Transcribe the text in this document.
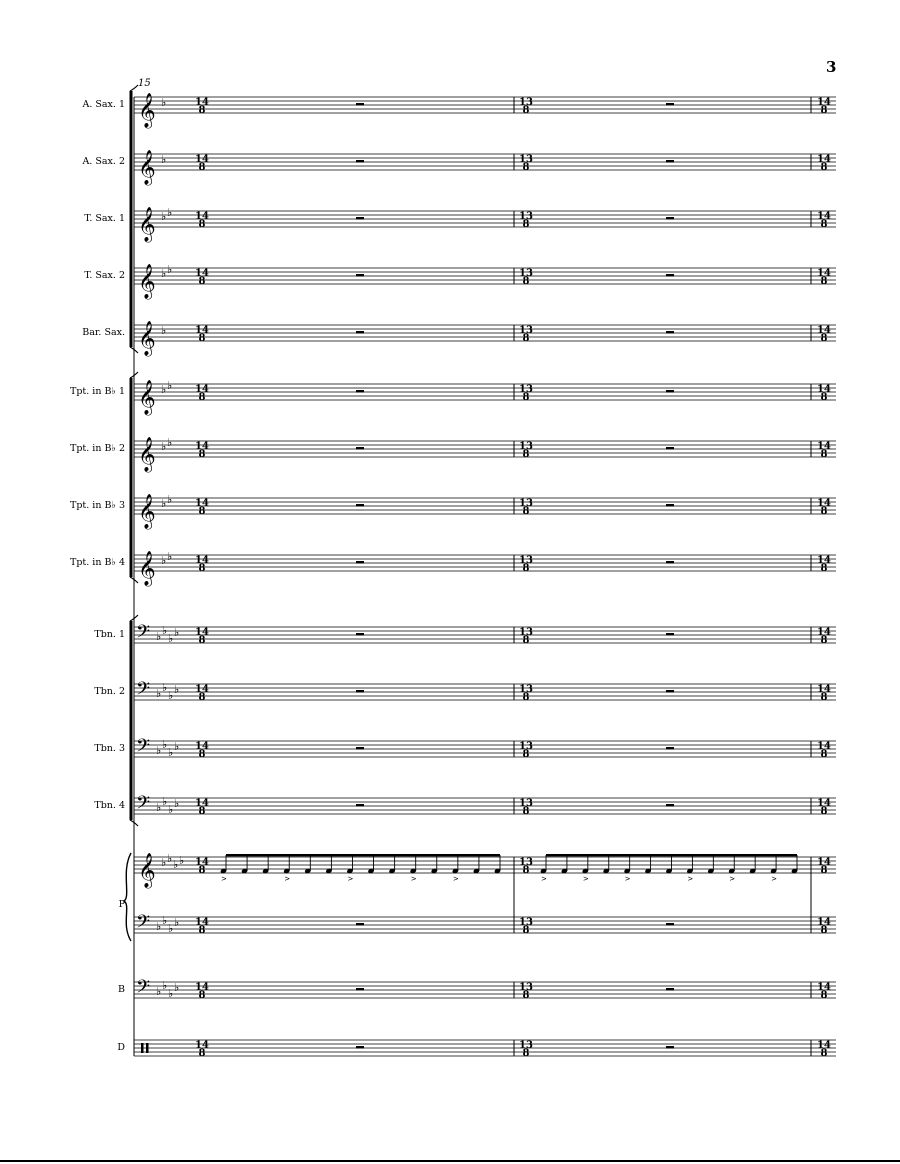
3
15
A. Sax. 1
A. Sax. 2
T. Sax. 1
T. Sax. 2
Bar. Sax.
Tpt. in B♭ 1
Tpt. in B♭ 2
Tpt. in B♭ 3
Tpt. in B♭ 4
Tbn. 1
Tbn. 2
Tbn. 3
Tbn. 4
B
D
P
𝄞 ♭	14
8
13
8
14
8
𝄞 ♭	14
8
13
8
14
8
𝄞 ♭ ♭ 14
8
13
8
14
8
𝄞 ♭ ♭ 14
8
13
8
14
8
𝄞 ♭	14
8
13
8
14
8
𝄞 ♭ ♭ 14
8
13
8
14
8
𝄞 ♭ ♭ 14
8
13
8
14
8
𝄞 ♭ ♭ 14
8
13
8
14
8
𝄞 ♭ ♭ 14
8
13
8
14
8
𝄢 ♭ ♭
♭ ♭ 14
8
13
8
14
8
𝄢 ♭ ♭
♭ ♭ 14
8
13
8
14
8
𝄢 ♭ ♭
♭ ♭ 14
8
13
8
14
8
𝄢 ♭ ♭
♭ ♭ 14
8
13
8
14
8
𝄞 ♭ ♭ ♭ ♭ 14
8
13
8
14
8
𝄢 ♭ ♭
♭ ♭ 14
8
13
8
14
8
𝄢 ♭ ♭
♭ ♭ 14
8
13
8
14
8
14
8
13
8
14
8
>	>	>	>	>	>	>	>	>	>	>
